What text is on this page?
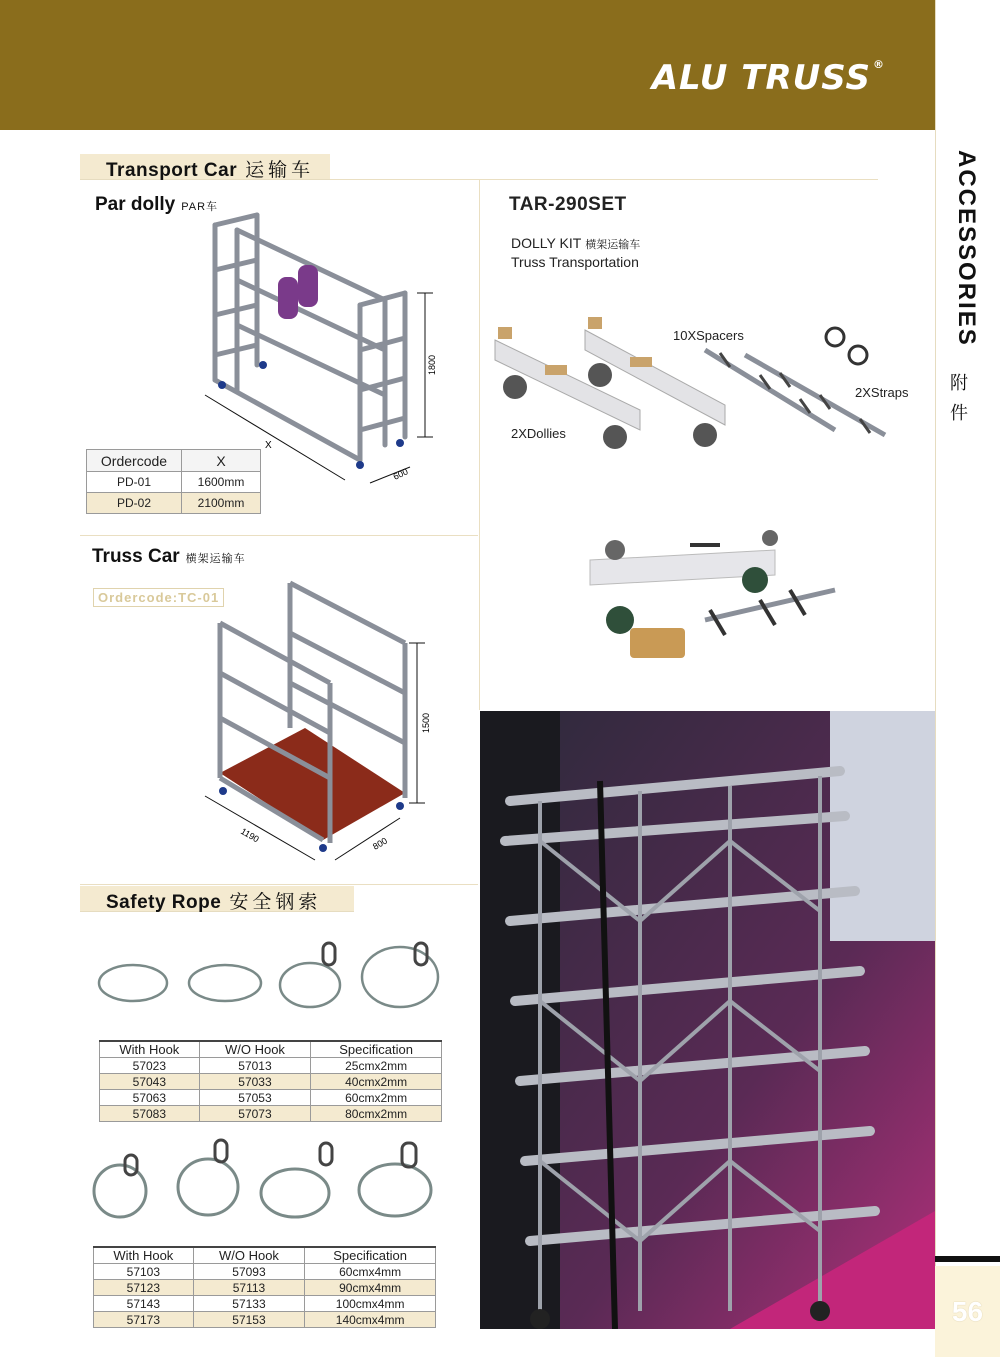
ALU TRUSS ®
ACCESSORIES
附件
56
Transport Car 运输车
Par dolly PAR车
1800
600
X
Ordercode	X
PD-01	1600mm
PD-02	2100mm
TAR-290SET
DOLLY KIT 横架运输车
Truss Transportation
10XSpacers
2XStraps
2XDollies
Truss Car 横架运输车
Ordercode:TC-01
1500
1190	800
Safety Rope 安全钢索
With Hook	W/O Hook	Specification
57023	57013	25cmx2mm
57043	57033	40cmx2mm
57063	57053	60cmx2mm
57083	57073	80cmx2mm
With Hook	W/O Hook	Specification
57103	57093	60cmx4mm
57123	57113	90cmx4mm
57143	57133	100cmx4mm
57173	57153	140cmx4mm
